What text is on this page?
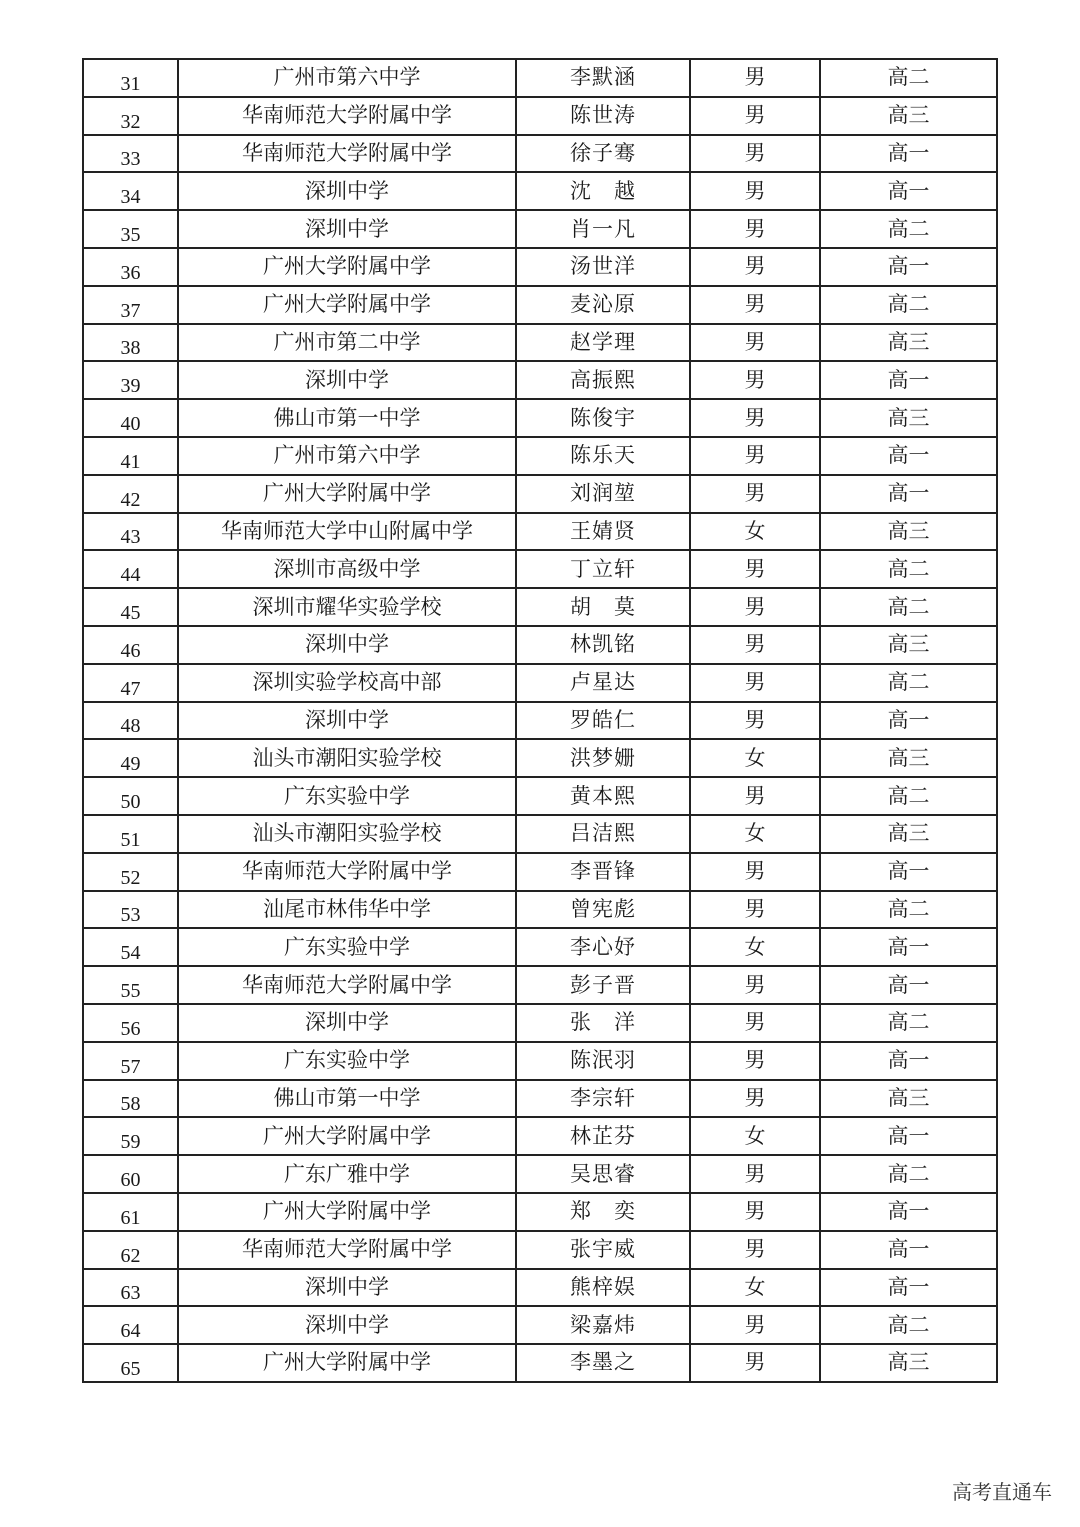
31	广州市第六中学	李默涵	男	高二
32	华南师范大学附属中学	陈世涛	男	高三
33	华南师范大学附属中学	徐子骞	男	高一
34	深圳中学	沈　越	男	高一
35	深圳中学	肖一凡	男	高二
36	广州大学附属中学	汤世洋	男	高一
37	广州大学附属中学	麦沁原	男	高二
38	广州市第二中学	赵学理	男	高三
39	深圳中学	高振熙	男	高一
40	佛山市第一中学	陈俊宇	男	高三
41	广州市第六中学	陈乐天	男	高一
42	广州大学附属中学	刘润堃	男	高一
43	华南师范大学中山附属中学	王婧贤	女	高三
44	深圳市高级中学	丁立轩	男	高二
45	深圳市耀华实验学校	胡　莫	男	高二
46	深圳中学	林凯铭	男	高三
47	深圳实验学校高中部	卢星达	男	高二
48	深圳中学	罗皓仁	男	高一
49	汕头市潮阳实验学校	洪梦姗	女	高三
50	广东实验中学	黄本熙	男	高二
51	汕头市潮阳实验学校	吕洁熙	女	高三
52	华南师范大学附属中学	李晋锋	男	高一
53	汕尾市林伟华中学	曾宪彪	男	高二
54	广东实验中学	李心妤	女	高一
55	华南师范大学附属中学	彭子晋	男	高一
56	深圳中学	张　洋	男	高二
57	广东实验中学	陈泯羽	男	高一
58	佛山市第一中学	李宗轩	男	高三
59	广州大学附属中学	林芷芬	女	高一
60	广东广雅中学	吴思睿	男	高二
61	广州大学附属中学	郑　奕	男	高一
62	华南师范大学附属中学	张宇威	男	高一
63	深圳中学	熊梓娱	女	高一
64	深圳中学	梁嘉炜	男	高二
65	广州大学附属中学	李墨之	男	高三
高考直通车
